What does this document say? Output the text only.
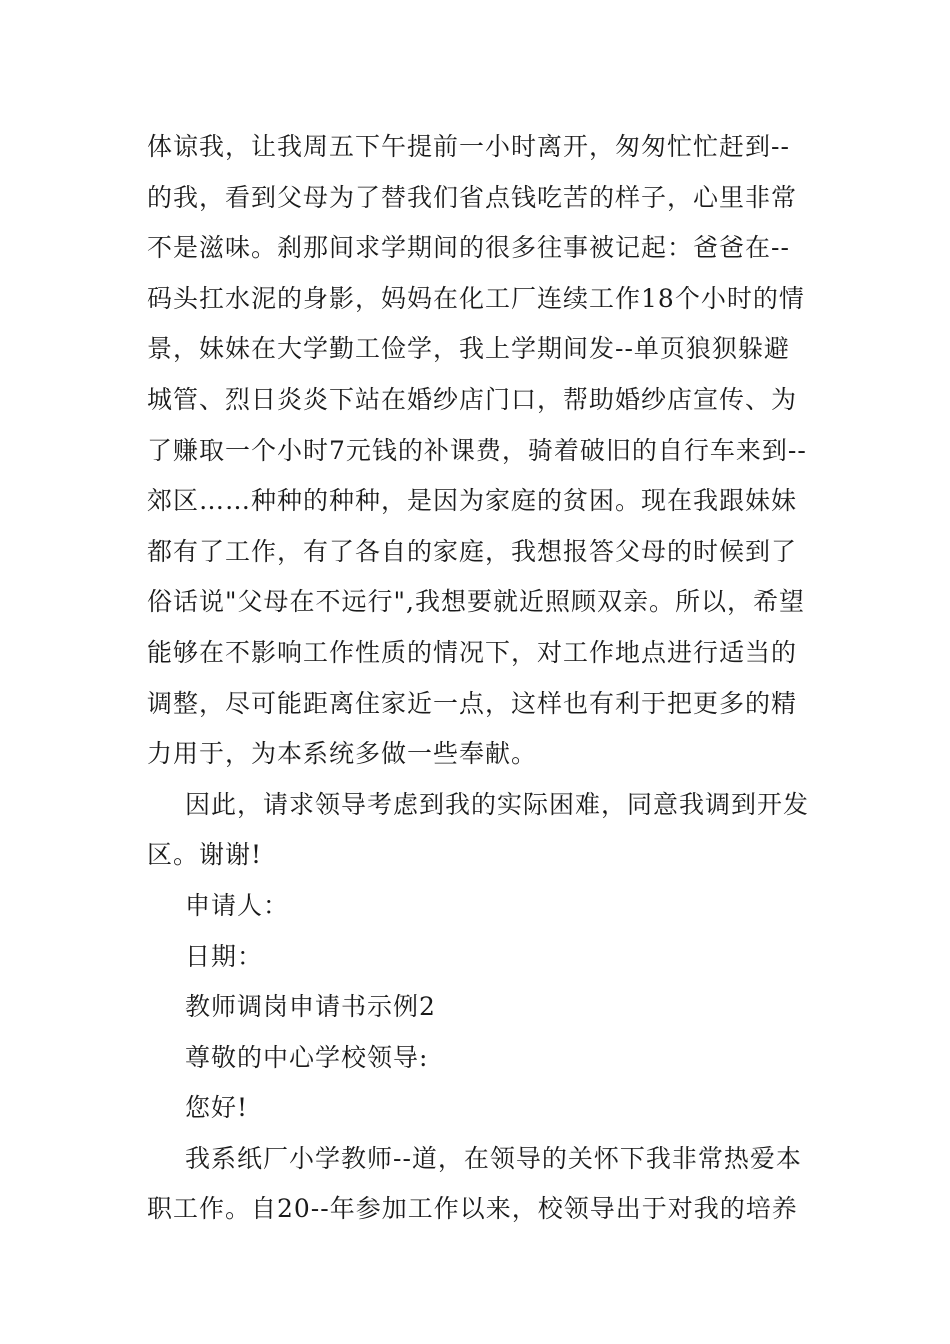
体谅我，让我周五下午提前一小时离开，匆匆忙忙赶到--
的我，看到父母为了替我们省点钱吃苦的样子，心里非常
不是滋味。刹那间求学期间的很多往事被记起：爸爸在--
码头扛水泥的身影，妈妈在化工厂连续工作18个小时的情
景，妹妹在大学勤工俭学，我上学期间发--单页狼狈躲避
城管、烈日炎炎下站在婚纱店门口，帮助婚纱店宣传、为
了赚取一个小时7元钱的补课费，骑着破旧的自行车来到--
郊区……种种的种种，是因为家庭的贫困。现在我跟妹妹
都有了工作，有了各自的家庭，我想报答父母的时候到了
俗话说"父母在不远行",我想要就近照顾双亲。所以，希望
能够在不影响工作性质的情况下，对工作地点进行适当的
调整，尽可能距离住家近一点，这样也有利于把更多的精
力用于，为本系统多做一些奉献。
因此，请求领导考虑到我的实际困难，同意我调到开发
区。谢谢!
申请人：
日期：
教师调岗申请书示例2
尊敬的中心学校领导:
您好!
我系纸厂小学教师--道，在领导的关怀下我非常热爱本
职工作。自20--年参加工作以来，校领导出于对我的培养
